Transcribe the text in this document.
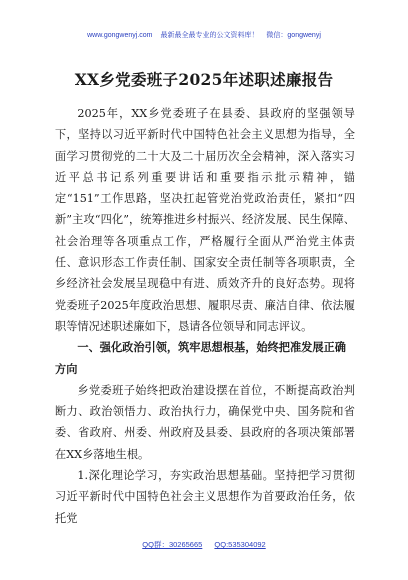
www.gongwenyj.com 最新最全最专业的公文资料库！ 微信：gongwenyj
XX乡党委班子2025年述职述廉报告

2025年，XX乡党委班子在县委、县政府的坚强领导下，坚持以习近平新时代中国特色社会主义思想为指导，全面学习贯彻党的二十大及二十届历次全会精神，深入落实习近平总书记系列重要讲话和重要指示批示精神，锚定“151”工作思路，坚决扛起管党治党政治责任，紧扣“四新”主攻“四化”，统筹推进乡村振兴、经济发展、民生保障、社会治理等各项重点工作，严格履行全面从严治党主体责任、意识形态工作责任制、国家安全责任制等各项职责，全乡经济社会发展呈现稳中有进、质效齐升的良好态势。现将党委班子2025年度政治思想、履职尽责、廉洁自律、依法履职等情况述职述廉如下，恳请各位领导和同志评议。

一、强化政治引领，筑牢思想根基，始终把准发展正确方向

乡党委班子始终把政治建设摆在首位，不断提高政治判断力、政治领悟力、政治执行力，确保党中央、国务院和省委、省政府、州委、州政府及县委、县政府的各项决策部署在XX乡落地生根。

1.深化理论学习，夯实政治思想基础。坚持把学习贯彻习近平新时代中国特色社会主义思想作为首要政治任务，依托党

QQ群：30265665 QQ:535304092
